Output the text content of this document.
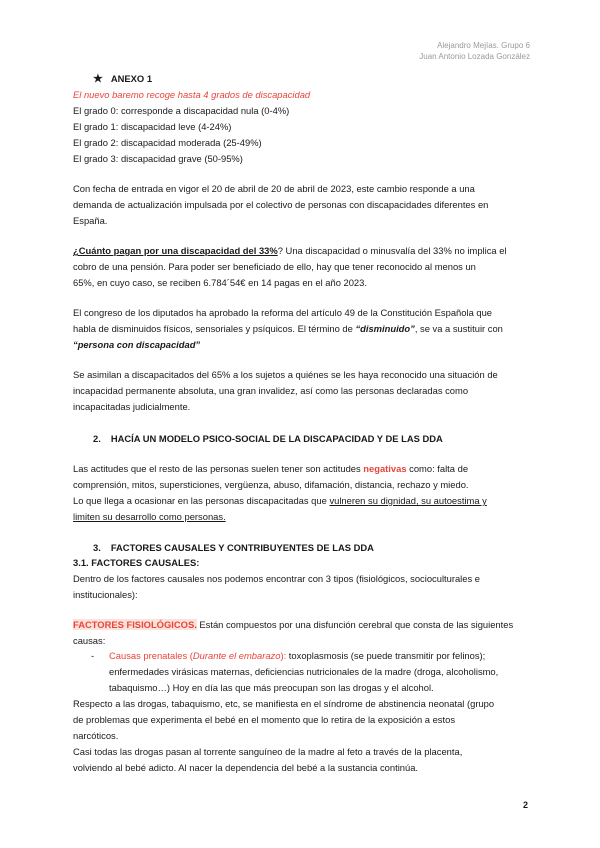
Alejandro Mejías. Grupo 6
Juan Antonio Lozada González
★ ANEXO 1
El nuevo baremo recoge hasta 4 grados de discapacidad
El grado 0: corresponde a discapacidad nula (0-4%)
El grado 1: discapacidad leve (4-24%)
El grado 2: discapacidad moderada (25-49%)
El grado 3: discapacidad grave (50-95%)
Con fecha de entrada en vigor el 20 de abril de 20 de abril de 2023, este cambio responde a una
demanda de actualización impulsada por el colectivo de personas con discapacidades diferentes en
España.
¿Cuánto pagan por una discapacidad del 33%? Una discapacidad o minusvalía del 33% no implica el
cobro de una pensión. Para poder ser beneficiado de ello, hay que tener reconocido al menos un
65%, en cuyo caso, se reciben 6.784´54€ en 14 pagas en el año 2023.
El congreso de los diputados ha aprobado la reforma del artículo 49 de la Constitución Española que
habla de disminuidos físicos, sensoriales y psíquicos. El término de “disminuido”, se va a sustituir con
“persona con discapacidad”
Se asimilan a discapacitados del 65% a los sujetos a quiénes se les haya reconocido una situación de
incapacidad permanente absoluta, una gran invalidez, así como las personas declaradas como
incapacitadas judicialmente.
2. HACÍA UN MODELO PSICO-SOCIAL DE LA DISCAPACIDAD Y DE LAS DDA
Las actitudes que el resto de las personas suelen tener son actitudes negativas como: falta de
comprensión, mitos, supersticiones, vergüenza, abuso, difamación, distancia, rechazo y miedo.
Lo que llega a ocasionar en las personas discapacitadas que vulneren su dignidad, su autoestima y
limiten su desarrollo como personas.
3. FACTORES CAUSALES Y CONTRIBUYENTES DE LAS DDA
3.1. FACTORES CAUSALES:
Dentro de los factores causales nos podemos encontrar con 3 tipos (fisiológicos, socioculturales e
institucionales):
FACTORES FISIOLÓGICOS. Están compuestos por una disfunción cerebral que consta de las siguientes
causas:
- Causas prenatales (Durante el embarazo): toxoplasmosis (se puede transmitir por felinos);
enfermedades virásicas maternas, deficiencias nutricionales de la madre (droga, alcoholismo,
tabaquismo…) Hoy en día las que más preocupan son las drogas y el alcohol.
Respecto a las drogas, tabaquismo, etc, se manifiesta en el síndrome de abstinencia neonatal (grupo
de problemas que experimenta el bebé en el momento que lo retira de la exposición a estos
narcóticos.
Casi todas las drogas pasan al torrente sanguíneo de la madre al feto a través de la placenta,
volviendo al bebé adicto. Al nacer la dependencia del bebé a la sustancia continúa.
2
